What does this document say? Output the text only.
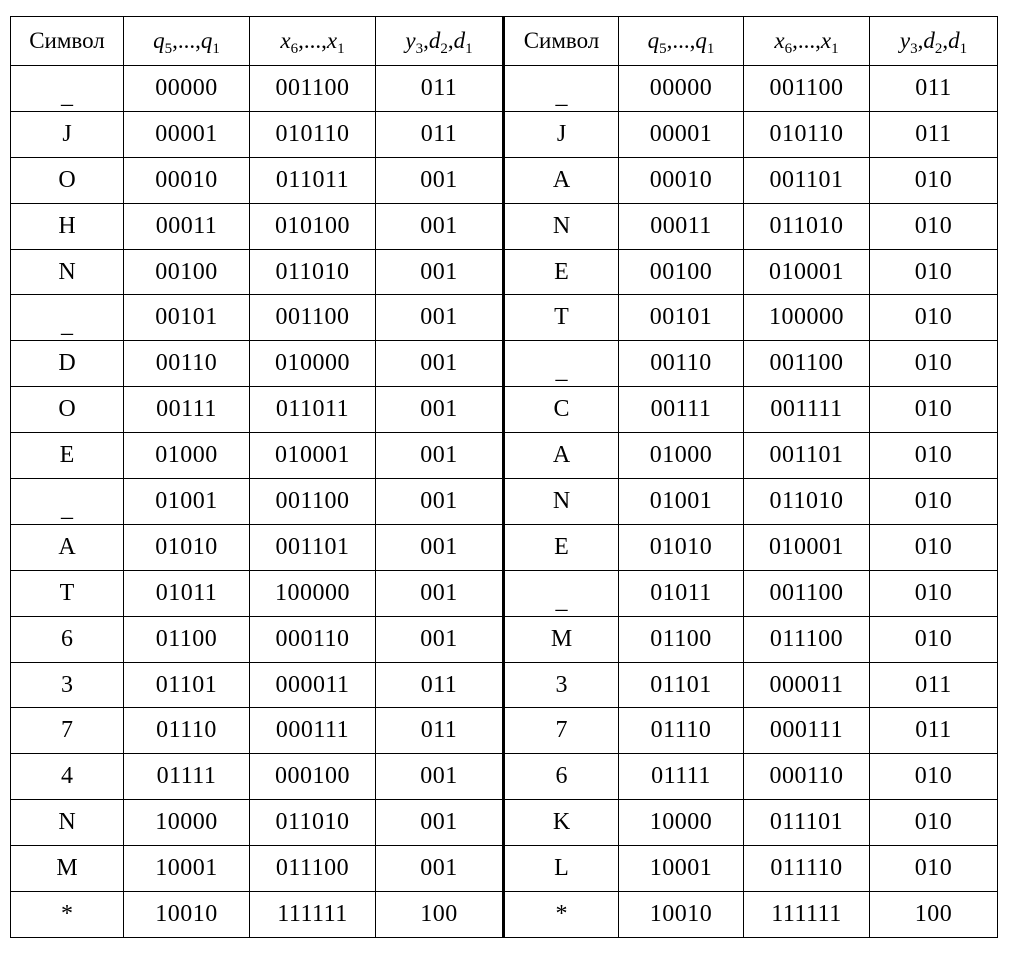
Символ	$q_5,...,q_1$	$x_6,...,x_1$	$y_3,d_2,d_1$	Символ	$q_5,...,q_1$	$x_6,...,x_1$	$y_3,d_2,d_1$
_	00000	001100	011	_	00000	001100	011
J	00001	010110	011	J	00001	010110	011
O	00010	011011	001	A	00010	001101	010
H	00011	010100	001	N	00011	011010	010
N	00100	011010	001	E	00100	010001	010
_	00101	001100	001	T	00101	100000	010
D	00110	010000	001	_	00110	001100	010
O	00111	011011	001	C	00111	001111	010
E	01000	010001	001	A	01000	001101	010
_	01001	001100	001	N	01001	011010	010
A	01010	001101	001	E	01010	010001	010
T	01011	100000	001	_	01011	001100	010
6	01100	000110	001	M	01100	011100	010
3	01101	000011	011	3	01101	000011	011
7	01110	000111	011	7	01110	000111	011
4	01111	000100	001	6	01111	000110	010
N	10000	011010	001	K	10000	011101	010
M	10001	011100	001	L	10001	011110	010
*	10010	111111	100	*	10010	111111	100
